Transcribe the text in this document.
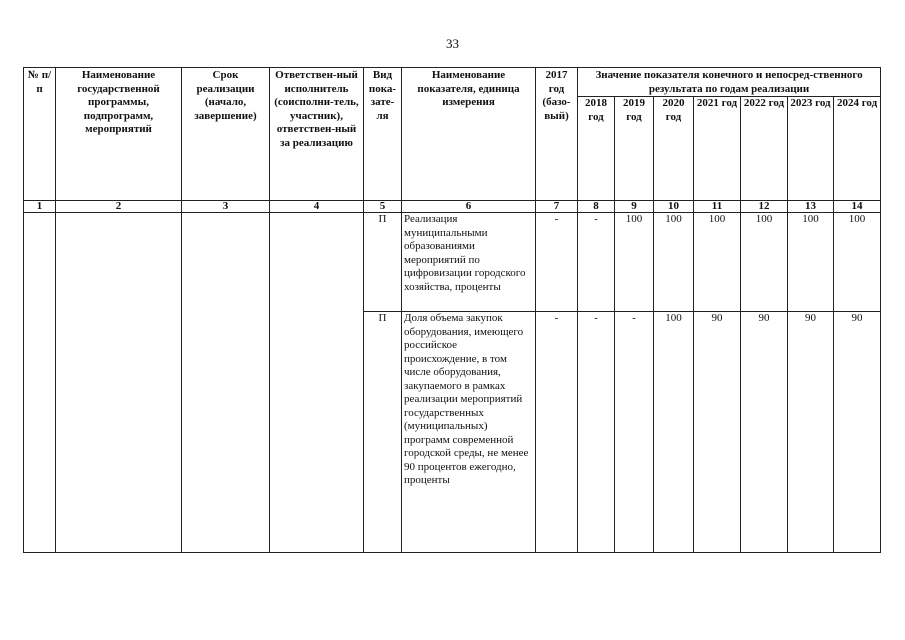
33
№ п/п	Наименование государственной программы, подпрограмм, мероприятий	Срок реализации (начало, завершение)	Ответствен-ный исполнитель (соисполни-тель, участник), ответствен-ный за реализацию	Вид пока-зате-ля	Наименование показателя, единица измерения	2017 год (базо-вый)	Значение показателя конечного и непосред-ственного результата по годам реализации						
							2018 год	2019 год	2020 год	2021 год	2022 год	2023 год	2024 год
1	2	3	4	5	6	7	8	9	10	11	12	13	14
				П	Реализация муниципальными образованиями мероприятий по цифровизации городского хозяйства, проценты	-	-	100	100	100	100	100	100
				П	Доля объема закупок оборудования, имеющего российское происхождение, в том числе оборудования, закупаемого в рамках реализации мероприятий государственных (муниципальных) программ современной городской среды, не менее 90 процентов ежегодно, проценты	-	-	-	100	90	90	90	90
